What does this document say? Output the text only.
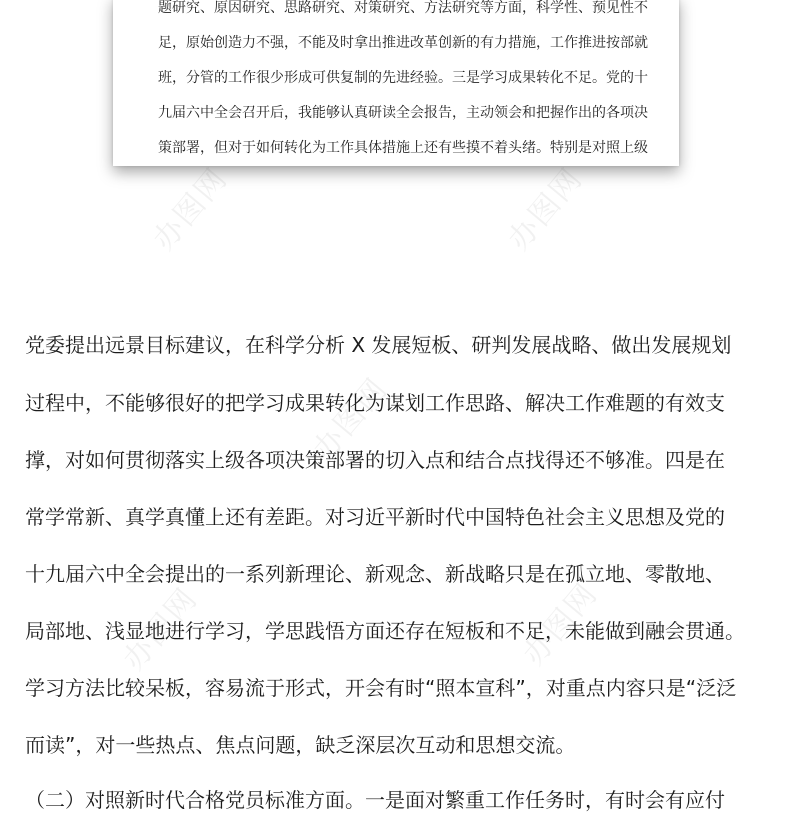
办图网	办图网
办图网
办图网	办图网
题研究、原因研究、思路研究、对策研究、方法研究等方面，科学性、预见性不
足，原始创造力不强，不能及时拿出推进改革创新的有力措施，工作推进按部就
班，分管的工作很少形成可供复制的先进经验。三是学习成果转化不足。党的十
九届六中全会召开后，我能够认真研读全会报告，主动领会和把握作出的各项决
策部署，但对于如何转化为工作具体措施上还有些摸不着头绪。特别是对照上级
党委提出远景目标建议，在科学分析 X 发展短板、研判发展战略、做出发展规划
过程中，不能够很好的把学习成果转化为谋划工作思路、解决工作难题的有效支
撑，对如何贯彻落实上级各项决策部署的切入点和结合点找得还不够准。四是在
常学常新、真学真懂上还有差距。对习近平新时代中国特色社会主义思想及党的
十九届六中全会提出的一系列新理论、新观念、新战略只是在孤立地、零散地、
局部地、浅显地进行学习，学思践悟方面还存在短板和不足，未能做到融会贯通。
学习方法比较呆板，容易流于形式，开会有时“照本宣科”，对重点内容只是“泛泛
而读”，对一些热点、焦点问题，缺乏深层次互动和思想交流。
（二）对照新时代合格党员标准方面。一是面对繁重工作任务时，有时会有应付
